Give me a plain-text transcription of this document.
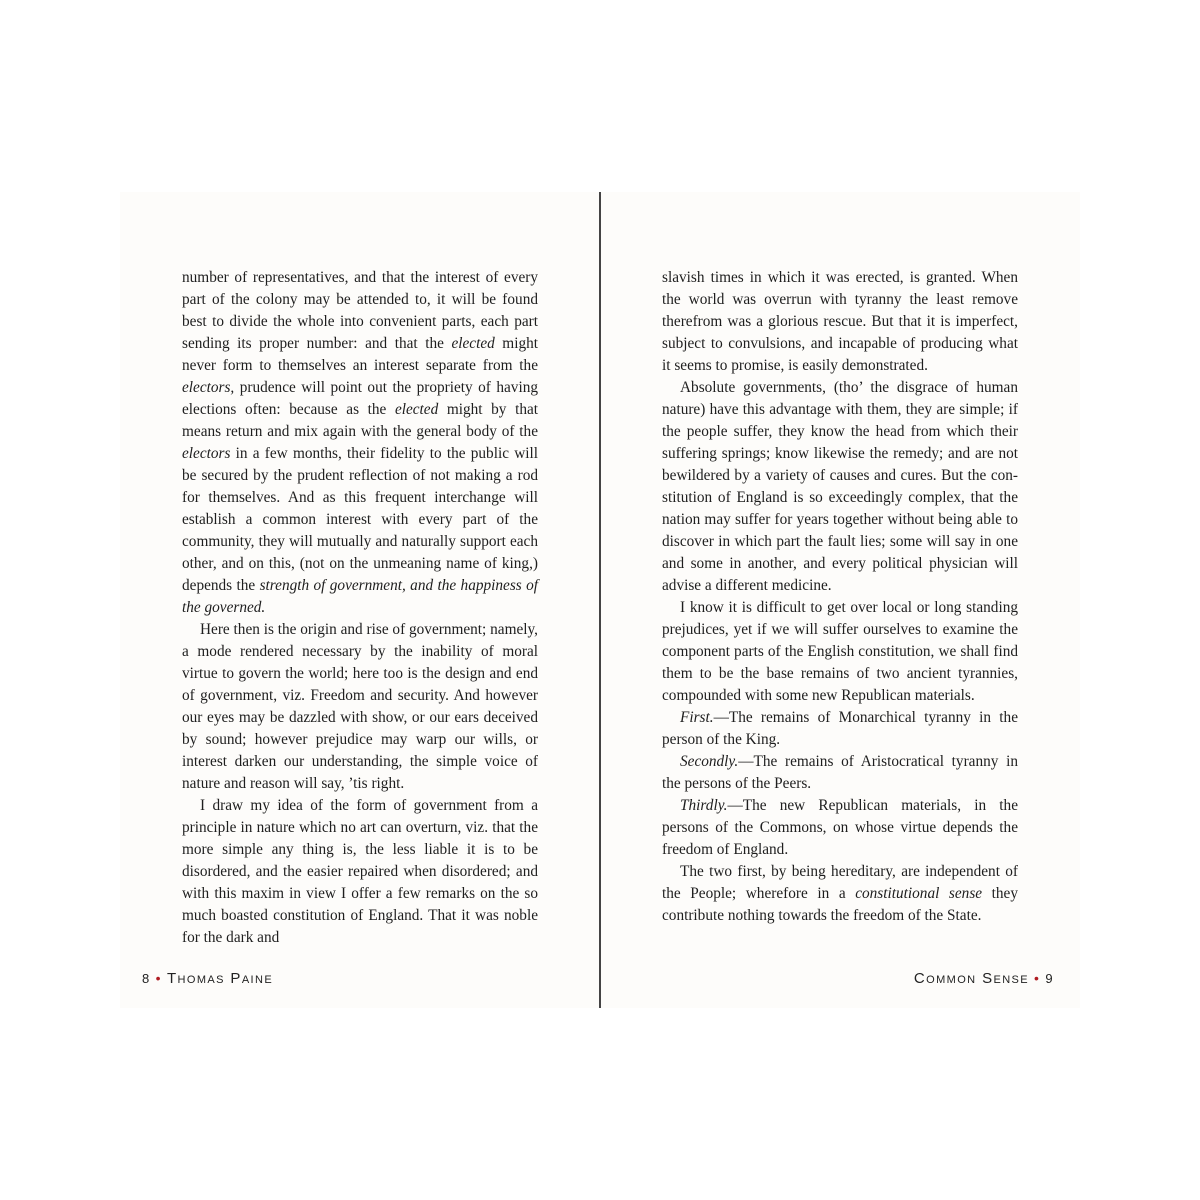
number of representatives, and that the interest of every part of the colony may be attended to, it will be found best to divide the whole into convenient parts, each part sending its proper number: and that the elected might never form to themselves an interest separate from the electors, prudence will point out the propriety of having elections often: because as the elected might by that means return and mix again with the general body of the electors in a few months, their fidelity to the public will be secured by the prudent reflection of not making a rod for themselves. And as this frequent interchange will establish a common interest with every part of the community, they will mutually and naturally support each other, and on this, (not on the unmeaning name of king,) depends the strength of government, and the happiness of the governed.

Here then is the origin and rise of government; namely, a mode rendered necessary by the inability of moral virtue to govern the world; here too is the design and end of government, viz. Freedom and security. And however our eyes may be dazzled with show, or our ears deceived by sound; however prejudice may warp our wills, or interest darken our understanding, the simple voice of nature and reason will say, ’tis right.

I draw my idea of the form of government from a principle in nature which no art can overturn, viz. that the more simple any thing is, the less liable it is to be disordered, and the easier repaired when disordered; and with this maxim in view I offer a few remarks on the so much boasted constitution of England. That it was noble for the dark and

slavish times in which it was erected, is granted. When the world was overrun with tyranny the least remove therefrom was a glorious rescue. But that it is imperfect, subject to convulsions, and incapable of producing what it seems to promise, is easily demonstrated.

Absolute governments, (tho’ the disgrace of human nature) have this advantage with them, they are simple; if the people suffer, they know the head from which their suffering springs; know likewise the remedy; and are not bewildered by a variety of causes and cures. But the con-stitution of England is so exceedingly complex, that the nation may suffer for years together without being able to discover in which part the fault lies; some will say in one and some in another, and every political physician will advise a different medicine.

I know it is difficult to get over local or long standing prejudices, yet if we will suffer ourselves to examine the component parts of the English constitution, we shall find them to be the base remains of two ancient tyrannies, compounded with some new Republican materials.

First.—The remains of Monarchical tyranny in the person of the King.

Secondly.—The remains of Aristocratical tyranny in the persons of the Peers.

Thirdly.—The new Republican materials, in the persons of the Commons, on whose virtue depends the freedom of England.

The two first, by being hereditary, are independent of the People; wherefore in a constitutional sense they contribute nothing towards the freedom of the State.

8 • Thomas Paine	Common Sense • 9
